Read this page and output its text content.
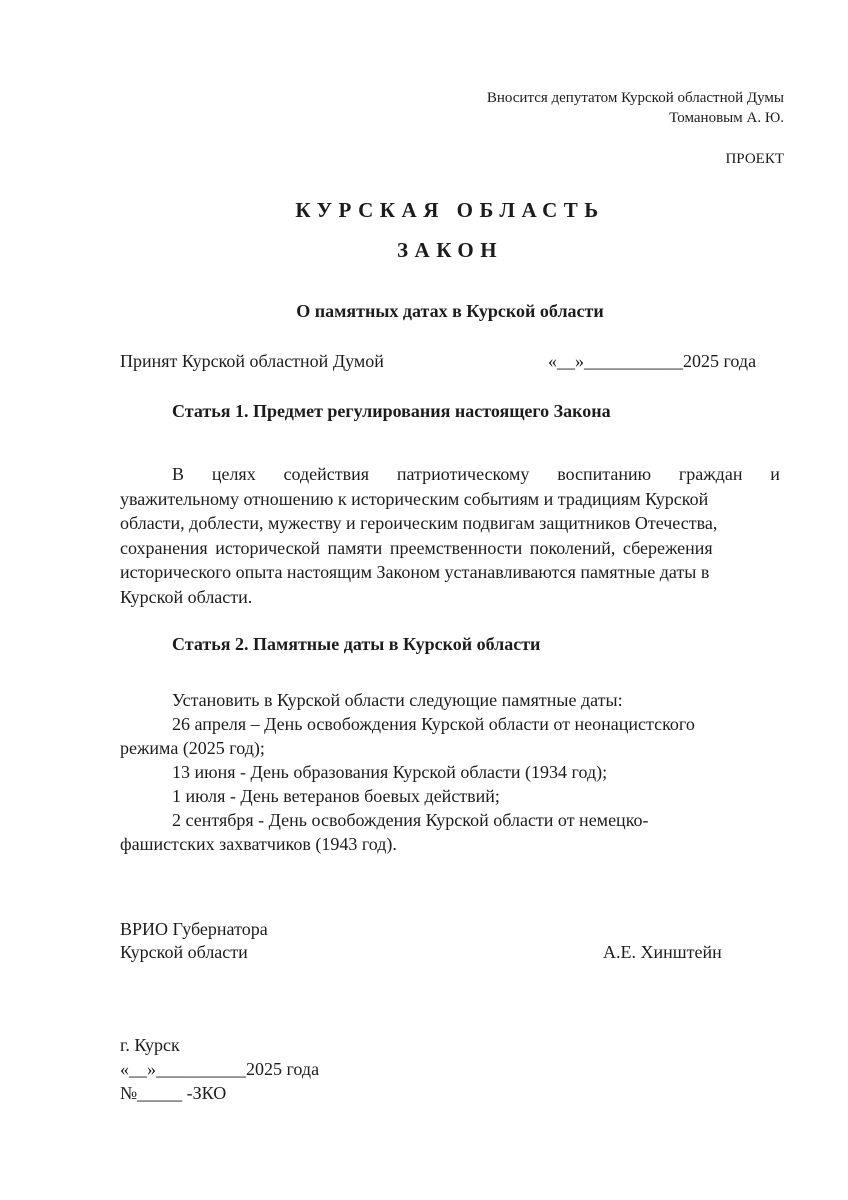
Вносится депутатом Курской областной Думы
Томановым А. Ю.
ПРОЕКТ
КУРСКАЯ ОБЛАСТЬ
ЗАКОН
О памятных датах в Курской области
Принят Курской областной Думой	«__»___________2025 года
Статья 1. Предмет регулирования настоящего Закона
В целях содействия патриотическому воспитанию граждан и
уважительному отношению к историческим событиям и традициям Курской
области, доблести, мужеству и героическим подвигам защитников Отечества,
сохранения исторической памяти преемственности поколений, сбережения
исторического опыта настоящим Законом устанавливаются памятные даты в
Курской области.
Статья 2. Памятные даты в Курской области
Установить в Курской области следующие памятные даты:
26 апреля – День освобождения Курской области от неонацистского
режима (2025 год);
13 июня - День образования Курской области (1934 год);
1 июля - День ветеранов боевых действий;
2 сентября - День освобождения Курской области от немецко-
фашистских захватчиков (1943 год).
ВРИО Губернатора
Курской области	А.Е. Хинштейн
г. Курск
«__»__________2025 года
№_____ -ЗКО
